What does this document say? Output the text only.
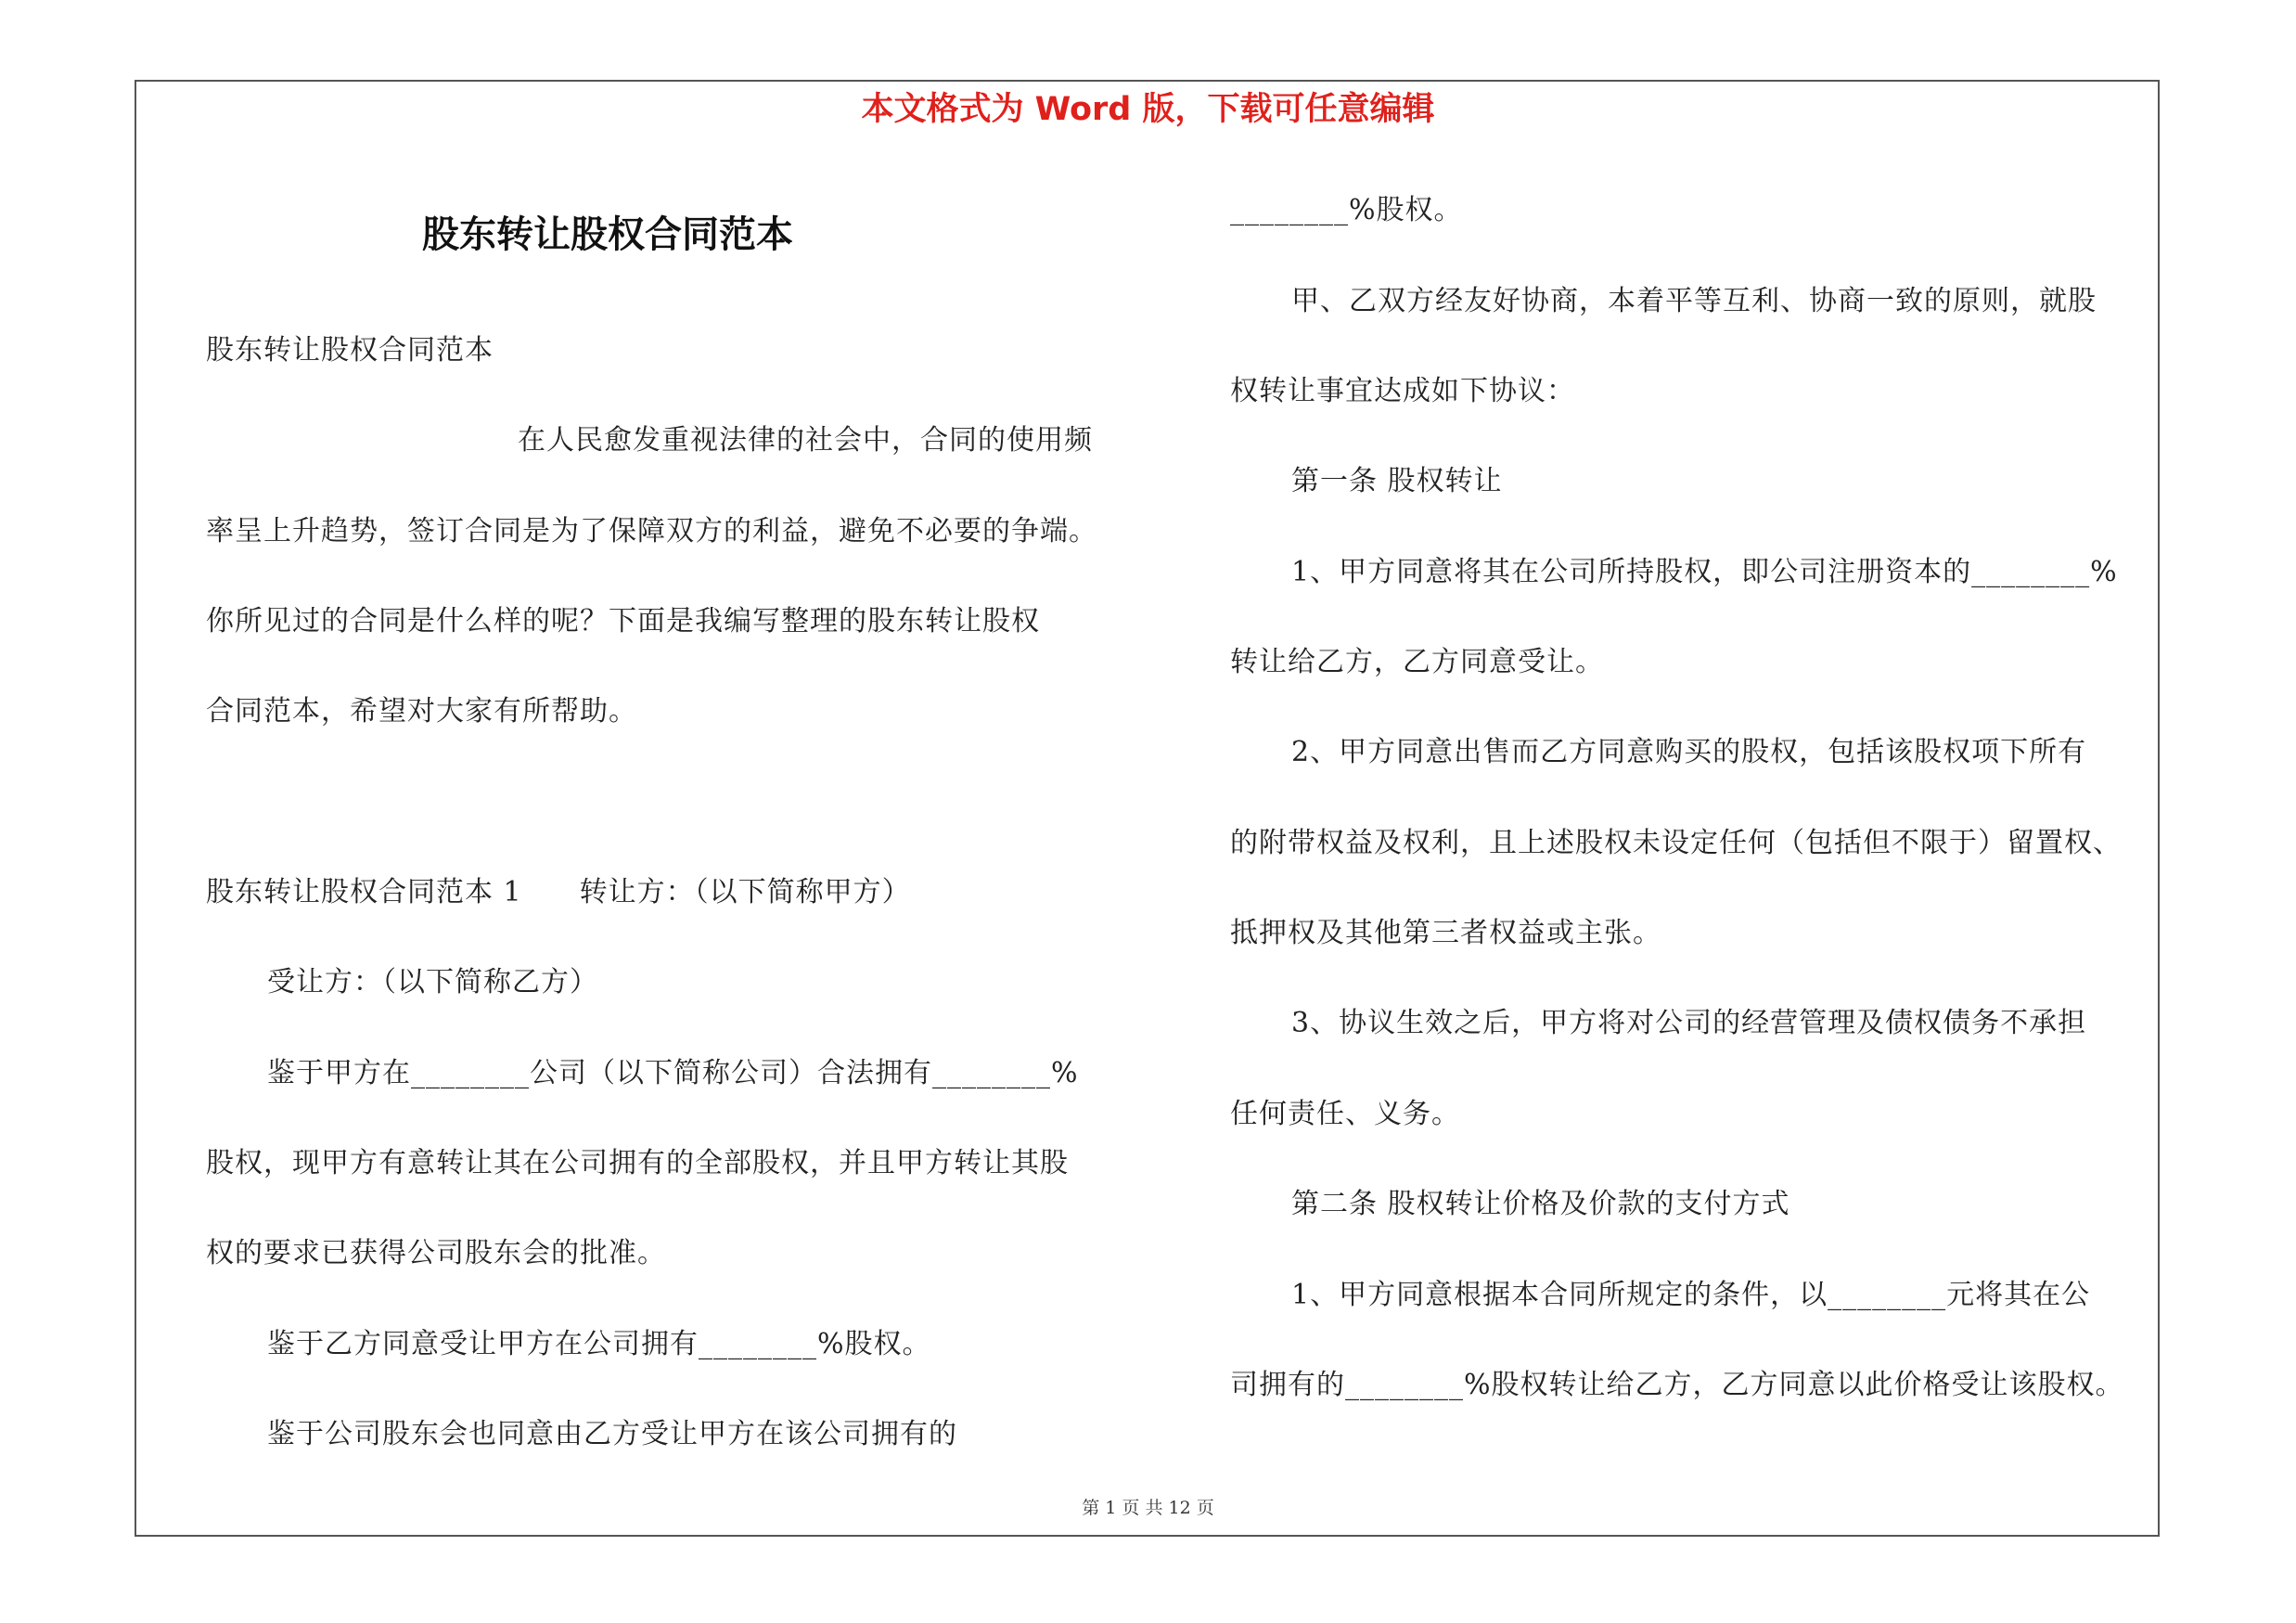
本文格式为 Word 版，下载可任意编辑
股东转让股权合同范本
股东转让股权合同范本
在人民愈发重视法律的社会中，合同的使用频
率呈上升趋势，签订合同是为了保障双方的利益，避免不必要的争端。
你所见过的合同是什么样的呢？下面是我编写整理的股东转让股权
合同范本，希望对大家有所帮助。
股东转让股权合同范本 1　　转让方：（以下简称甲方）
受让方：（以下简称乙方）
鉴于甲方在________公司（以下简称公司）合法拥有________%
股权，现甲方有意转让其在公司拥有的全部股权，并且甲方转让其股
权的要求已获得公司股东会的批准。
鉴于乙方同意受让甲方在公司拥有________%股权。
鉴于公司股东会也同意由乙方受让甲方在该公司拥有的
________%股权。
甲、乙双方经友好协商，本着平等互利、协商一致的原则，就股
权转让事宜达成如下协议：
第一条 股权转让
1、甲方同意将其在公司所持股权，即公司注册资本的________%
转让给乙方，乙方同意受让。
2、甲方同意出售而乙方同意购买的股权，包括该股权项下所有
的附带权益及权利，且上述股权未设定任何（包括但不限于）留置权、
抵押权及其他第三者权益或主张。
3、协议生效之后，甲方将对公司的经营管理及债权债务不承担
任何责任、义务。
第二条 股权转让价格及价款的支付方式
1、甲方同意根据本合同所规定的条件，以________元将其在公
司拥有的________%股权转让给乙方，乙方同意以此价格受让该股权。
第 1 页 共 12 页
